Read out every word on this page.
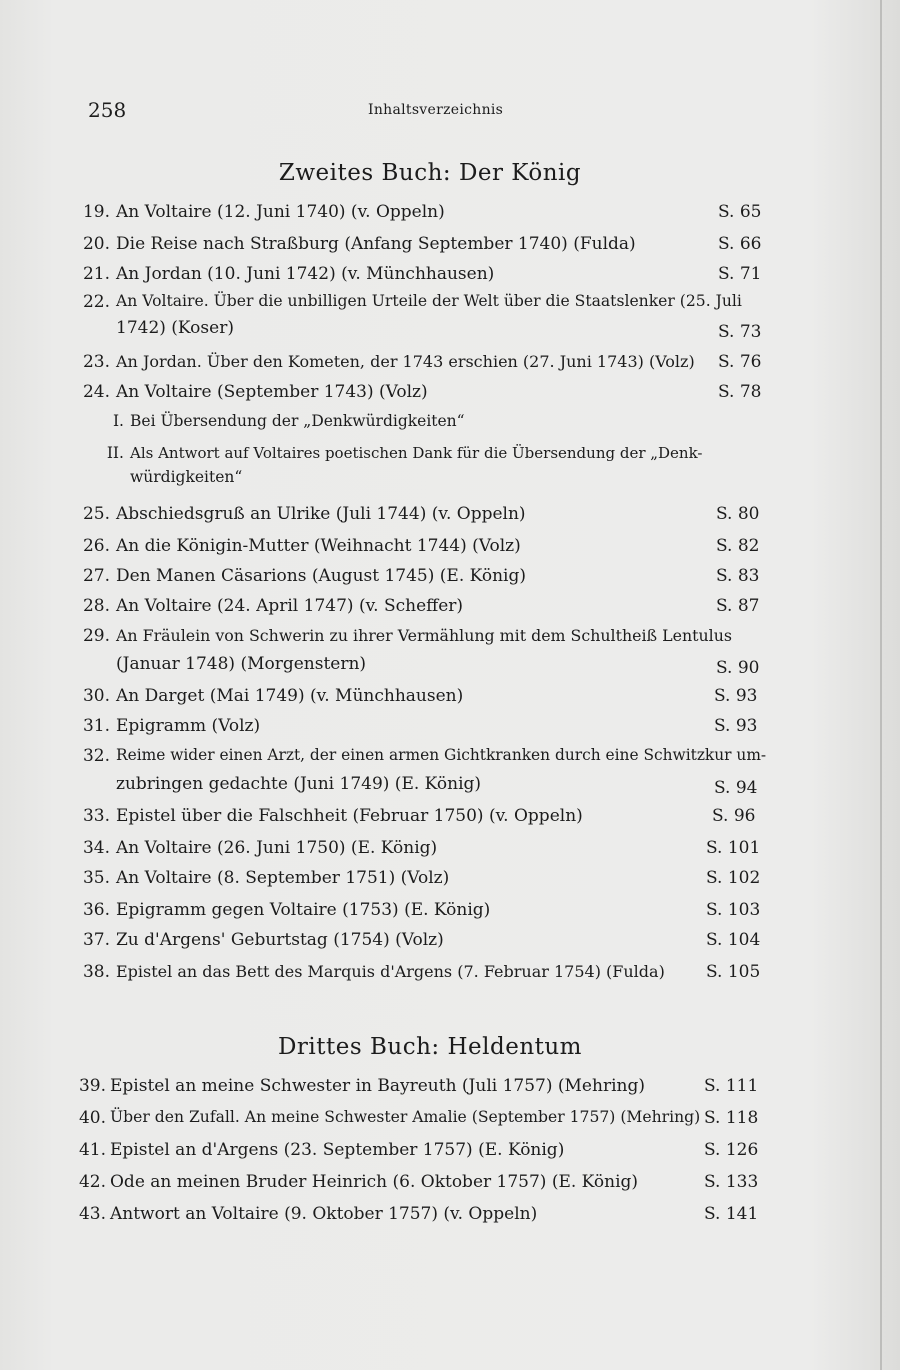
258	Inhaltsverzeichnis
Zweites Buch: Der König
19. An Voltaire (12. Juni 1740) (v. Oppeln)	S. 65
20. Die Reise nach Straßburg (Anfang September 1740) (Fulda)	S. 66
21. An Jordan (10. Juni 1742) (v. Münchhausen)	S. 71
22. An Voltaire. Über die unbilligen Urteile der Welt über die Staatslenker (25. Juli
1742) (Koser)	S. 73
23. An Jordan. Über den Kometen, der 1743 erschien (27. Juni 1743) (Volz) S. 76
24. An Voltaire (September 1743) (Volz)	S. 78
I. Bei Übersendung der „Denkwürdigkeiten“
II. Als Antwort auf Voltaires poetischen Dank für die Übersendung der „Denk-
würdigkeiten“
25. Abschiedsgruß an Ulrike (Juli 1744) (v. Oppeln)	S. 80
26. An die Königin-Mutter (Weihnacht 1744) (Volz)	S. 82
27. Den Manen Cäsarions (August 1745) (E. König)	S. 83
28. An Voltaire (24. April 1747) (v. Scheffer)	S. 87
29. An Fräulein von Schwerin zu ihrer Vermählung mit dem Schultheiß Lentulus
(Januar 1748) (Morgenstern)	S. 90
30. An Darget (Mai 1749) (v. Münchhausen)	S. 93
31. Epigramm (Volz)	S. 93
32. Reime wider einen Arzt, der einen armen Gichtkranken durch eine Schwitzkur um-
zubringen gedachte (Juni 1749) (E. König)	S. 94
33. Epistel über die Falschheit (Februar 1750) (v. Oppeln)	S. 96
34. An Voltaire (26. Juni 1750) (E. König)	S. 101
35. An Voltaire (8. September 1751) (Volz)	S. 102
36. Epigramm gegen Voltaire (1753) (E. König)	S. 103
37. Zu d'Argens' Geburtstag (1754) (Volz)	S. 104
38. Epistel an das Bett des Marquis d'Argens (7. Februar 1754) (Fulda) S. 105
Drittes Buch: Heldentum
39. Epistel an meine Schwester in Bayreuth (Juli 1757) (Mehring)	S. 111
40. Über den Zufall. An meine Schwester Amalie (September 1757) (Mehring) S. 118
41. Epistel an d'Argens (23. September 1757) (E. König)	S. 126
42. Ode an meinen Bruder Heinrich (6. Oktober 1757) (E. König)	S. 133
43. Antwort an Voltaire (9. Oktober 1757) (v. Oppeln)	S. 141
